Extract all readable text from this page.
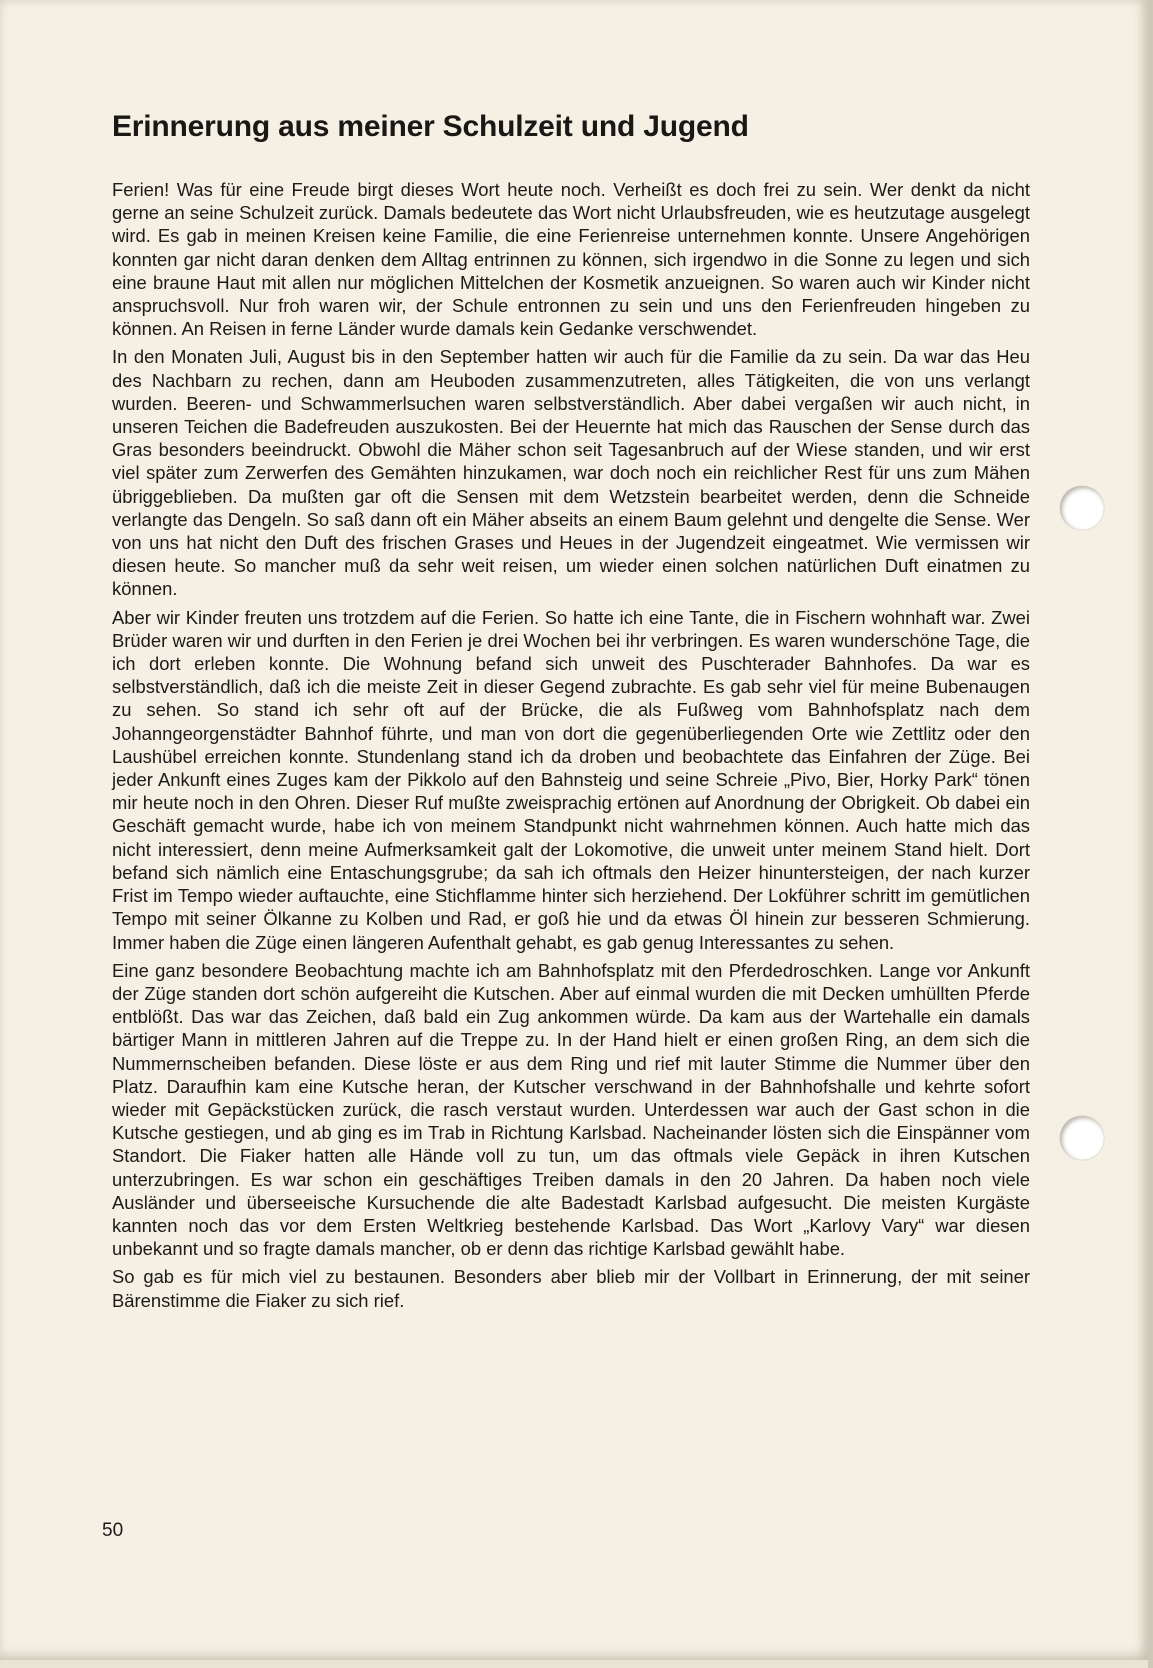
Erinnerung aus meiner Schulzeit und Jugend

Ferien! Was für eine Freude birgt dieses Wort heute noch. Verheißt es doch frei zu sein. Wer denkt da nicht gerne an seine Schulzeit zurück. Damals bedeutete das Wort nicht Urlaubsfreuden, wie es heutzutage ausgelegt wird. Es gab in meinen Kreisen keine Familie, die eine Ferienreise unternehmen konnte. Unsere Angehörigen konnten gar nicht daran denken dem Alltag entrinnen zu können, sich irgendwo in die Sonne zu legen und sich eine braune Haut mit allen nur möglichen Mittelchen der Kosmetik anzueignen. So waren auch wir Kinder nicht anspruchsvoll. Nur froh waren wir, der Schule entronnen zu sein und uns den Ferienfreuden hingeben zu können. An Reisen in ferne Länder wurde damals kein Gedanke verschwendet.

In den Monaten Juli, August bis in den September hatten wir auch für die Familie da zu sein. Da war das Heu des Nachbarn zu rechen, dann am Heuboden zusammenzutreten, alles Tätigkeiten, die von uns verlangt wurden. Beeren- und Schwammerlsuchen waren selbstverständlich. Aber dabei vergaßen wir auch nicht, in unseren Teichen die Badefreuden auszukosten. Bei der Heuernte hat mich das Rauschen der Sense durch das Gras besonders beeindruckt. Obwohl die Mäher schon seit Tagesanbruch auf der Wiese standen, und wir erst viel später zum Zerwerfen des Gemähten hinzukamen, war doch noch ein reichlicher Rest für uns zum Mähen übriggeblieben. Da mußten gar oft die Sensen mit dem Wetzstein bearbeitet werden, denn die Schneide verlangte das Dengeln. So saß dann oft ein Mäher abseits an einem Baum gelehnt und dengelte die Sense. Wer von uns hat nicht den Duft des frischen Grases und Heues in der Jugendzeit eingeatmet. Wie vermissen wir diesen heute. So mancher muß da sehr weit reisen, um wieder einen solchen natürlichen Duft einatmen zu können.

Aber wir Kinder freuten uns trotzdem auf die Ferien. So hatte ich eine Tante, die in Fischern wohnhaft war. Zwei Brüder waren wir und durften in den Ferien je drei Wochen bei ihr verbringen. Es waren wunderschöne Tage, die ich dort erleben konnte. Die Wohnung befand sich unweit des Puschterader Bahnhofes. Da war es selbstverständlich, daß ich die meiste Zeit in dieser Gegend zubrachte. Es gab sehr viel für meine Bubenaugen zu sehen. So stand ich sehr oft auf der Brücke, die als Fußweg vom Bahnhofsplatz nach dem Johanngeorgenstädter Bahnhof führte, und man von dort die gegenüberliegenden Orte wie Zettlitz oder den Laushübel erreichen konnte. Stundenlang stand ich da droben und beobachtete das Einfahren der Züge. Bei jeder Ankunft eines Zuges kam der Pikkolo auf den Bahnsteig und seine Schreie „Pivo, Bier, Horky Park“ tönen mir heute noch in den Ohren. Dieser Ruf mußte zweisprachig ertönen auf Anordnung der Obrigkeit. Ob dabei ein Geschäft gemacht wurde, habe ich von meinem Standpunkt nicht wahrnehmen können. Auch hatte mich das nicht interessiert, denn meine Aufmerksamkeit galt der Lokomotive, die unweit unter meinem Stand hielt. Dort befand sich nämlich eine Entaschungsgrube; da sah ich oftmals den Heizer hinuntersteigen, der nach kurzer Frist im Tempo wieder auftauchte, eine Stichflamme hinter sich herziehend. Der Lokführer schritt im gemütlichen Tempo mit seiner Ölkanne zu Kolben und Rad, er goß hie und da etwas Öl hinein zur besseren Schmierung. Immer haben die Züge einen längeren Aufenthalt gehabt, es gab genug Interessantes zu sehen.

Eine ganz besondere Beobachtung machte ich am Bahnhofsplatz mit den Pferdedroschken. Lange vor Ankunft der Züge standen dort schön aufgereiht die Kutschen. Aber auf einmal wurden die mit Decken umhüllten Pferde entblößt. Das war das Zeichen, daß bald ein Zug ankommen würde. Da kam aus der Wartehalle ein damals bärtiger Mann in mittleren Jahren auf die Treppe zu. In der Hand hielt er einen großen Ring, an dem sich die Nummernscheiben befanden. Diese löste er aus dem Ring und rief mit lauter Stimme die Nummer über den Platz. Daraufhin kam eine Kutsche heran, der Kutscher verschwand in der Bahnhofshalle und kehrte sofort wieder mit Gepäckstücken zurück, die rasch verstaut wurden. Unterdessen war auch der Gast schon in die Kutsche gestiegen, und ab ging es im Trab in Richtung Karlsbad. Nacheinander lösten sich die Einspänner vom Standort. Die Fiaker hatten alle Hände voll zu tun, um das oftmals viele Gepäck in ihren Kutschen unterzubringen. Es war schon ein geschäftiges Treiben damals in den 20 Jahren. Da haben noch viele Ausländer und überseeische Kursuchende die alte Badestadt Karlsbad aufgesucht. Die meisten Kurgäste kannten noch das vor dem Ersten Weltkrieg bestehende Karlsbad. Das Wort „Karlovy Vary“ war diesen unbekannt und so fragte damals mancher, ob er denn das richtige Karlsbad gewählt habe.

So gab es für mich viel zu bestaunen. Besonders aber blieb mir der Vollbart in Erinnerung, der mit seiner Bärenstimme die Fiaker zu sich rief.

50
